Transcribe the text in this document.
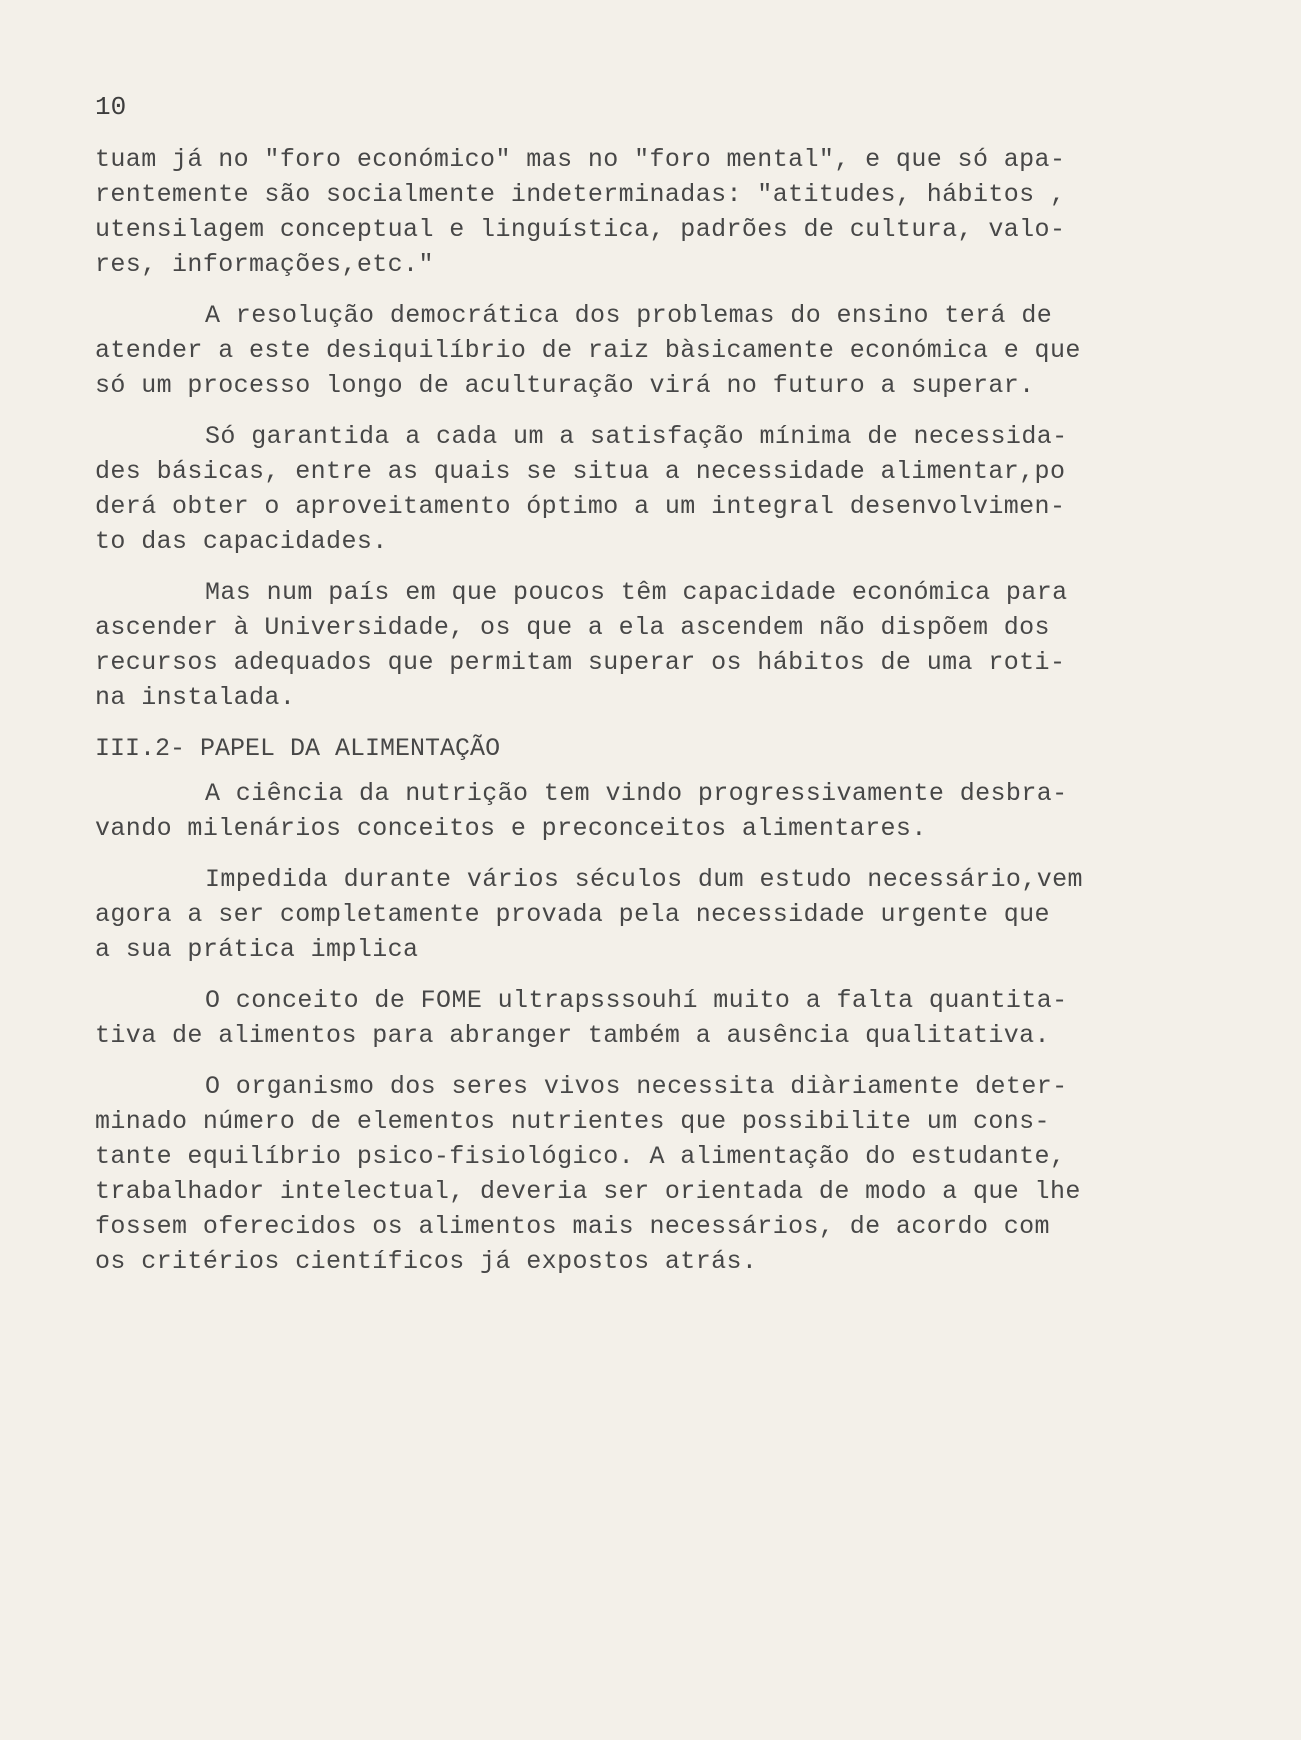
10
tuam já no "foro económico" mas no "foro mental", e que só apa-
rentemente são socialmente indeterminadas: "atitudes, hábitos ,
utensilagem conceptual e linguística, padrões de cultura, valo-
res, informações,etc."
A resolução democrática dos problemas do ensino terá de
atender a este desiquilíbrio de raiz bàsicamente económica e que
só um processo longo de aculturação virá no futuro a superar.
Só garantida a cada um a satisfação mínima de necessida-
des básicas, entre as quais se situa a necessidade alimentar,po
derá obter o aproveitamento óptimo a um integral desenvolvimen-
to das capacidades.
Mas num país em que poucos têm capacidade económica para
ascender à Universidade, os que a ela ascendem não dispõem dos
recursos adequados que permitam superar os hábitos de uma roti-
na instalada.
III.2- PAPEL DA ALIMENTAÇÃO
A ciência da nutrição tem vindo progressivamente desbra-
vando milenários conceitos e preconceitos alimentares.
Impedida durante vários séculos dum estudo necessário,vem
agora a ser completamente provada pela necessidade urgente que
a sua prática implica
O conceito de FOME ultrapsssouhí muito a falta quantita-
tiva de alimentos para abranger também a ausência qualitativa.
O organismo dos seres vivos necessita diàriamente deter-
minado número de elementos nutrientes que possibilite um cons-
tante equilíbrio psico-fisiológico. A alimentação do estudante,
trabalhador intelectual, deveria ser orientada de modo a que lhe
fossem oferecidos os alimentos mais necessários, de acordo com
os critérios científicos já expostos atrás.
